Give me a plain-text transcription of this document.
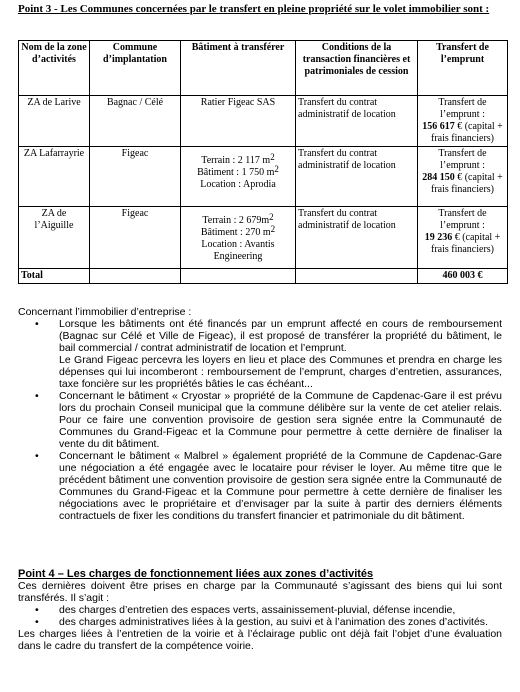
Point 3 - Les Communes concernées par le transfert en pleine propriété sur le volet immobilier sont :
Nom de la zone d’activités	Commune d’implantation	Bâtiment à transférer	Conditions de la transaction financières et patrimoniales de cession	Transfert de l’emprunt
ZA de Larive	Bagnac / Célé	Ratier Figeac SAS	Transfert du contrat administratif de location	Transfert de l’emprunt :
156 617 € (capital + frais financiers)
ZA Lafarrayrie	Figeac	Terrain : 2 117 $m^2$
Bâtiment : 1 750 $m^2$
Location : Aprodia	Transfert du contrat administratif de location	Transfert de l’emprunt :
284 150 € (capital + frais financiers)
ZA de l’Aiguille	Figeac	Terrain : 2 $679m^2$
Bâtiment : 270 $m^2$
Location : Avantis Engineering	Transfert du contrat administratif de location	Transfert de l’emprunt :
19 236 € (capital + frais financiers)
Total				460 003 €

Concernant l’immobilier d’entreprise :

• Lorsque les bâtiments ont été financés par un emprunt affecté en cours de remboursement (Bagnac sur Célé et Ville de Figeac), il est proposé de transférer la propriété du bâtiment, le bail commercial / contrat administratif de location et l’emprunt.

Le Grand Figeac percevra les loyers en lieu et place des Communes et prendra en charge les dépenses qui lui incomberont : remboursement de l’emprunt, charges d’entretien, assurances, taxe foncière sur les propriétés bâties le cas échéant...

• Concernant le bâtiment « Cryostar » propriété de la Commune de Capdenac-Gare il est prévu lors du prochain Conseil municipal que la commune délibère sur la vente de cet atelier relais. Pour ce faire une convention provisoire de gestion sera signée entre la Communauté de Communes du Grand-Figeac et la Commune pour permettre à cette dernière de finaliser la vente du dit bâtiment.
• Concernant le bâtiment « Malbrel » également propriété de la Commune de Capdenac-Gare une négociation a été engagée avec le locataire pour réviser le loyer. Au même titre que le précédent bâtiment une convention provisoire de gestion sera signée entre la Communauté de Communes du Grand-Figeac et la Commune pour permettre à cette dernière de finaliser les négociations avec le propriétaire et d’envisager par la suite à partir des derniers éléments contractuels de fixer les conditions du transfert financier et patrimoniale du dit bâtiment.

Point 4 – Les charges de fonctionnement liées aux zones d’activités

Ces dernières doivent être prises en charge par la Communauté s’agissant des biens qui lui sont transférés. Il s’agit :

• des charges d’entretien des espaces verts, assainissement-pluvial, défense incendie,
• des charges administratives liées à la gestion, au suivi et à l’animation des zones d’activités.

Les charges liées à l’entretien de la voirie et à l’éclairage public ont déjà fait l’objet d’une évaluation dans le cadre du transfert de la compétence voirie.
